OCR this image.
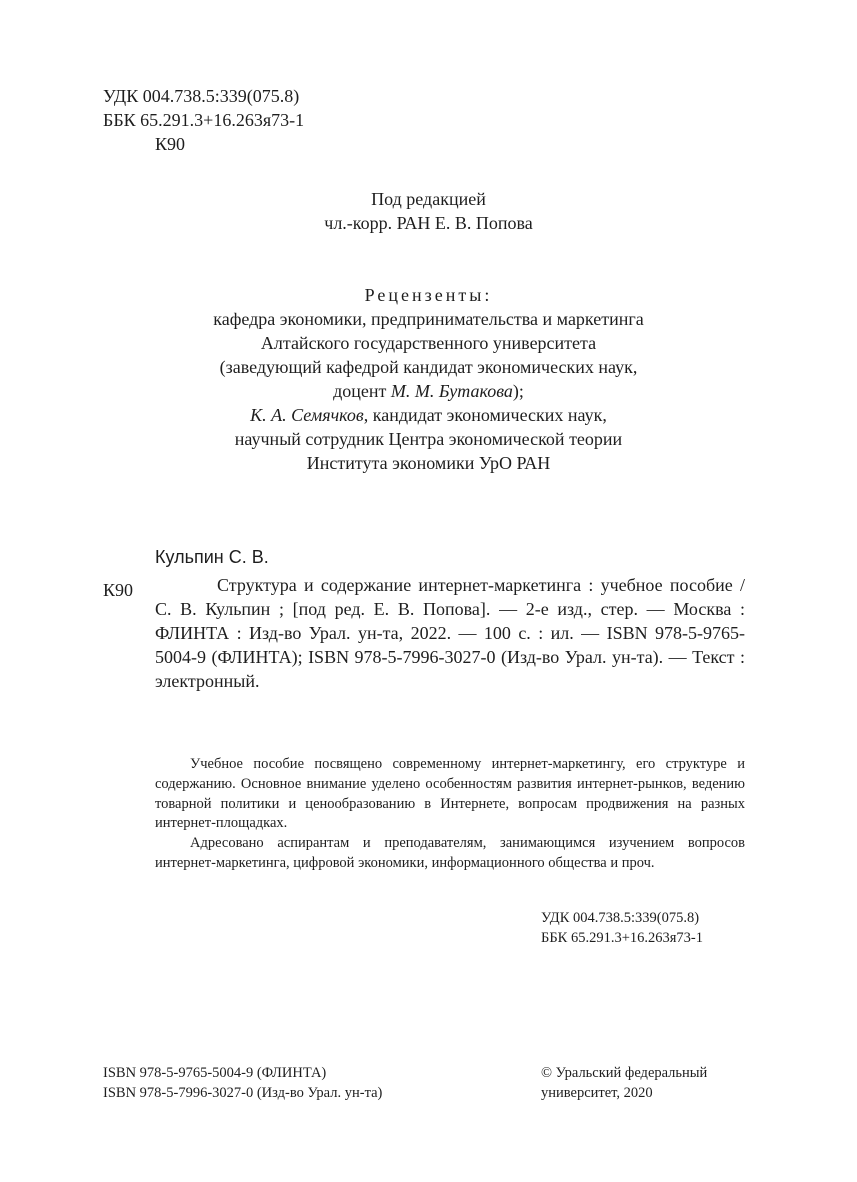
УДК 004.738.5:339(075.8)
ББК 65.291.3+16.263я73-1
К90
Под редакцией
чл.-корр. РАН Е. В. Попова
Рецензенты:
кафедра экономики, предпринимательства и маркетинга
Алтайского государственного университета
(заведующий кафедрой кандидат экономических наук,
доцент М. М. Бутакова);
К. А. Семячков, кандидат экономических наук,
научный сотрудник Центра экономической теории
Института экономики УрО РАН
Кульпин С. В.
К90	Структура и содержание интернет-маркетинга : учебное пособие / С. В. Кульпин ; [под ред. Е. В. Попова]. — 2-е изд., стер. — Москва : ФЛИНТА : Изд-во Урал. ун-та, 2022. — 100 с. : ил. — ISBN 978-5-9765-5004-9 (ФЛИНТА); ISBN 978-5-7996-3027-0 (Изд-во Урал. ун-та). — Текст : электронный.

Учебное пособие посвящено современному интернет-маркетингу, его структуре и содержанию. Основное внимание уделено особенностям развития интернет-рынков, ведению товарной политики и ценообразованию в Интернете, вопросам продвижения на разных интернет-площадках.

Адресовано аспирантам и преподавателям, занимающимся изучением вопросов интернет-маркетинга, цифровой экономики, информационного общества и проч.

УДК 004.738.5:339(075.8)
ББК 65.291.3+16.263я73-1
ISBN 978-5-9765-5004-9 (ФЛИНТА)
ISBN 978-5-7996-3027-0 (Изд-во Урал. ун-та)
© Уральский федеральный
университет, 2020
